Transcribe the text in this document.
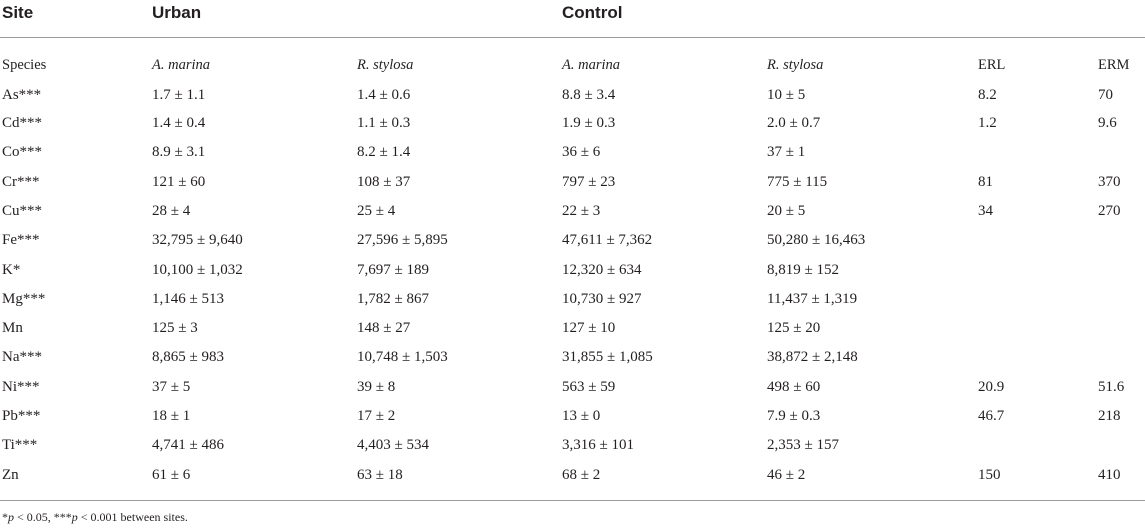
Site	Urban	Control
Species	A. marina	R. stylosa	A. marina	R. stylosa	ERL	ERM
As***	1.7 ± 1.1	1.4 ± 0.6	8.8 ± 3.4	10 ± 5	8.2	70
Cd***	1.4 ± 0.4	1.1 ± 0.3	1.9 ± 0.3	2.0 ± 0.7	1.2	9.6
Co***	8.9 ± 3.1	8.2 ± 1.4	36 ± 6	37 ± 1
Cr***	121 ± 60	108 ± 37	797 ± 23	775 ± 115	81	370
Cu***	28 ± 4	25 ± 4	22 ± 3	20 ± 5	34	270
Fe***	32,795 ± 9,640	27,596 ± 5,895	47,611 ± 7,362	50,280 ± 16,463
K*	10,100 ± 1,032	7,697 ± 189	12,320 ± 634	8,819 ± 152
Mg***	1,146 ± 513	1,782 ± 867	10,730 ± 927	11,437 ± 1,319
Mn	125 ± 3	148 ± 27	127 ± 10	125 ± 20
Na***	8,865 ± 983	10,748 ± 1,503	31,855 ± 1,085	38,872 ± 2,148
Ni***	37 ± 5	39 ± 8	563 ± 59	498 ± 60	20.9	51.6
Pb***	18 ± 1	17 ± 2	13 ± 0	7.9 ± 0.3	46.7	218
Ti***	4,741 ± 486	4,403 ± 534	3,316 ± 101	2,353 ± 157
Zn	61 ± 6	63 ± 18	68 ± 2	46 ± 2	150	410
*p < 0.05, ***p < 0.001 between sites.
